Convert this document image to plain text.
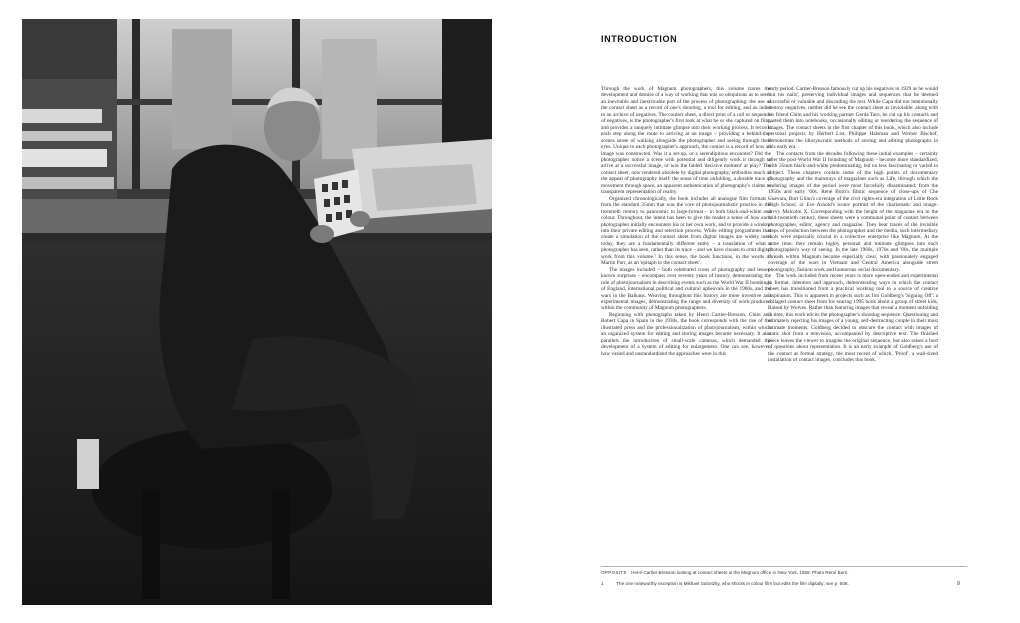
INTRODUCTION

Through the work of Magnum photographers, this volume traces the development and demise of a way of working that was so ubiquitous as to seem an inevitable and inextricable part of the process of photographing: the use of the contact sheet as a record of one's shooting, a tool for editing, and an index to an archive of negatives. The contact sheet, a direct print of a roll or sequence of negatives, is the photographer's first look at what he or she captured on film, and provides a uniquely intimate glimpse into their working process. It records each step along the route to arriving at an image – providing a behind-the-scenes sense of walking alongside the photographer and seeing through their eyes. Unique to each photographer's approach, the contact is a record of how an image was constructed. Was it a set-up, or a serendipitous encounter? Did the photographer notice a scene with potential and diligently work it through to arrive at a successful image, or was the fabled 'decisive moment' at play? The contact sheet, now rendered obsolete by digital photography, embodies much of the appeal of photography itself: the sense of time unfolding, a durable trace of movement through space, an apparent authentication of photography's claims to transparent representation of reality.

Organized chronologically, the book includes all analogue film formats – from the standard 35mm that was the core of photojournalistic practice in the twentieth century to panoramic to large-format – in both black-and-white and colour. Throughout, the intent has been to give the reader a sense of how each photographer initially encounters his or her own work, and to provide a window into their private editing and selection process. While editing programmes that create a simulation of the contact sheet from digital images are widely used today, they are a fundamentally different entity – a translation of what a photographer has seen, rather than its trace – and we have chosen to omit digital work from this volume.¹ In this sense, the book functions, in the words of Martin Parr, as an 'epitaph to the contact sheet'.

The images included – both celebrated icons of photography and lesser-known surprises – encompass over seventy years of history, demonstrating the role of photojournalism in describing events such as the World War II bombings of England, international political and cultural upheavals in the 1960s, and the wars in the Balkans. Weaving throughout this history are more inventive and experimental images, demonstrating the range and diversity of work produced within the community of Magnum photographers.

Beginning with photographs taken by Henri Cartier-Bresson, Chim and Robert Capa in Spain in the 1930s, the book corresponds with the rise of the illustrated press and the professionalization of photojournalism, within which an organized system for editing and storing images became necessary. It also parallels the introduction of small-scale cameras, which demanded the development of a system of editing for enlargement. One can see, however, how varied and unstandardized the approaches were in this

early period. Cartier-Bresson famously cut up his negatives in 1929 as he would 'cut his nails', preserving individual images and sequences that he deemed successful or valuable and discarding the rest. While Capa did not intentionally destroy negatives, neither did he see the contact sheet as inviolable: along with his friend Chim and his working partner Gerda Taro, he cut up his contacts and pasted them into notebooks, occasionally editing or reordering the sequence of images. The contact sheets in the first chapter of this book, which also include personal projects by Herbert List, Philippe Halsman and Werner Bischof, demonstrate the idiosyncratic methods of storing and editing photographs in this early era.

The contacts from the decades following these initial examples – certainly after the post-World War II founding of Magnum – become more standardized, with 35mm black-and-white predominating, but no less fascinating or varied in subject. These chapters contain some of the high points of documentary photography and the mainstays of magazines such as Life, through which the enduring images of the period were most forcefully disseminated: from the 1950s and early '60s, René Burri's filmic sequence of close-ups of Che Guevara, Burt Glinn's coverage of the civil rights-era integration of Little Rock High School, or Eve Arnold's iconic portrait of the charismatic and image-savvy Malcolm X. Corresponding with the height of the magazine era in the mid-twentieth century, these sheets were a communal point of contact between photographer, editor, agency and magazine. They bear traces of the invisible steps of production between the photographer and the media, such intermediary tools were especially crucial in a collective enterprise like Magnum. At the same time, they remain highly personal and intimate glimpses into each photographer's way of seeing. In the late 1960s, 1970s and '80s, the multiple threads within Magnum become especially clear, with passionately engaged coverage of the wars in Vietnam and Central America alongside street photography, fashion work and humorous social documentary.

The work included from recent years is more open-ended and experimental in format, intention and approach, demonstrating ways in which the contact sheet has transitioned from a practical working tool to a source of creative inspiration. This is apparent in projects such as Jim Goldberg's 'Signing Off', a collaged contact sheet from his searing 1995 book about a group of street kids, Raised by Wolves. Rather than featuring images that reveal a moment unfolding in time, this work elicits the photographer's shooting sequence. Questioning and ultimately rejecting his images of a young, self-destructing couple in their most intimate moments, Goldberg decided to obscure the contact with images of static shot from a television, accompanied by descriptive text. The finished piece leaves the viewer to imagine the original sequence, but also raises a host of questions about representation. It is an early example of Goldberg's use of the contact as formal strategy, the most recent of which, 'Proof', a wall-sized installation of contact images, concludes this book.

OPPOSITE Henri Cartier-Bresson looking at contact sheets in the Magnum office in New York, 1959. Photo René Burri.
1	The one noteworthy exception is Mikhael Subotzky, who shoots in colour film but edits the film digitally; see p. 508.	9
